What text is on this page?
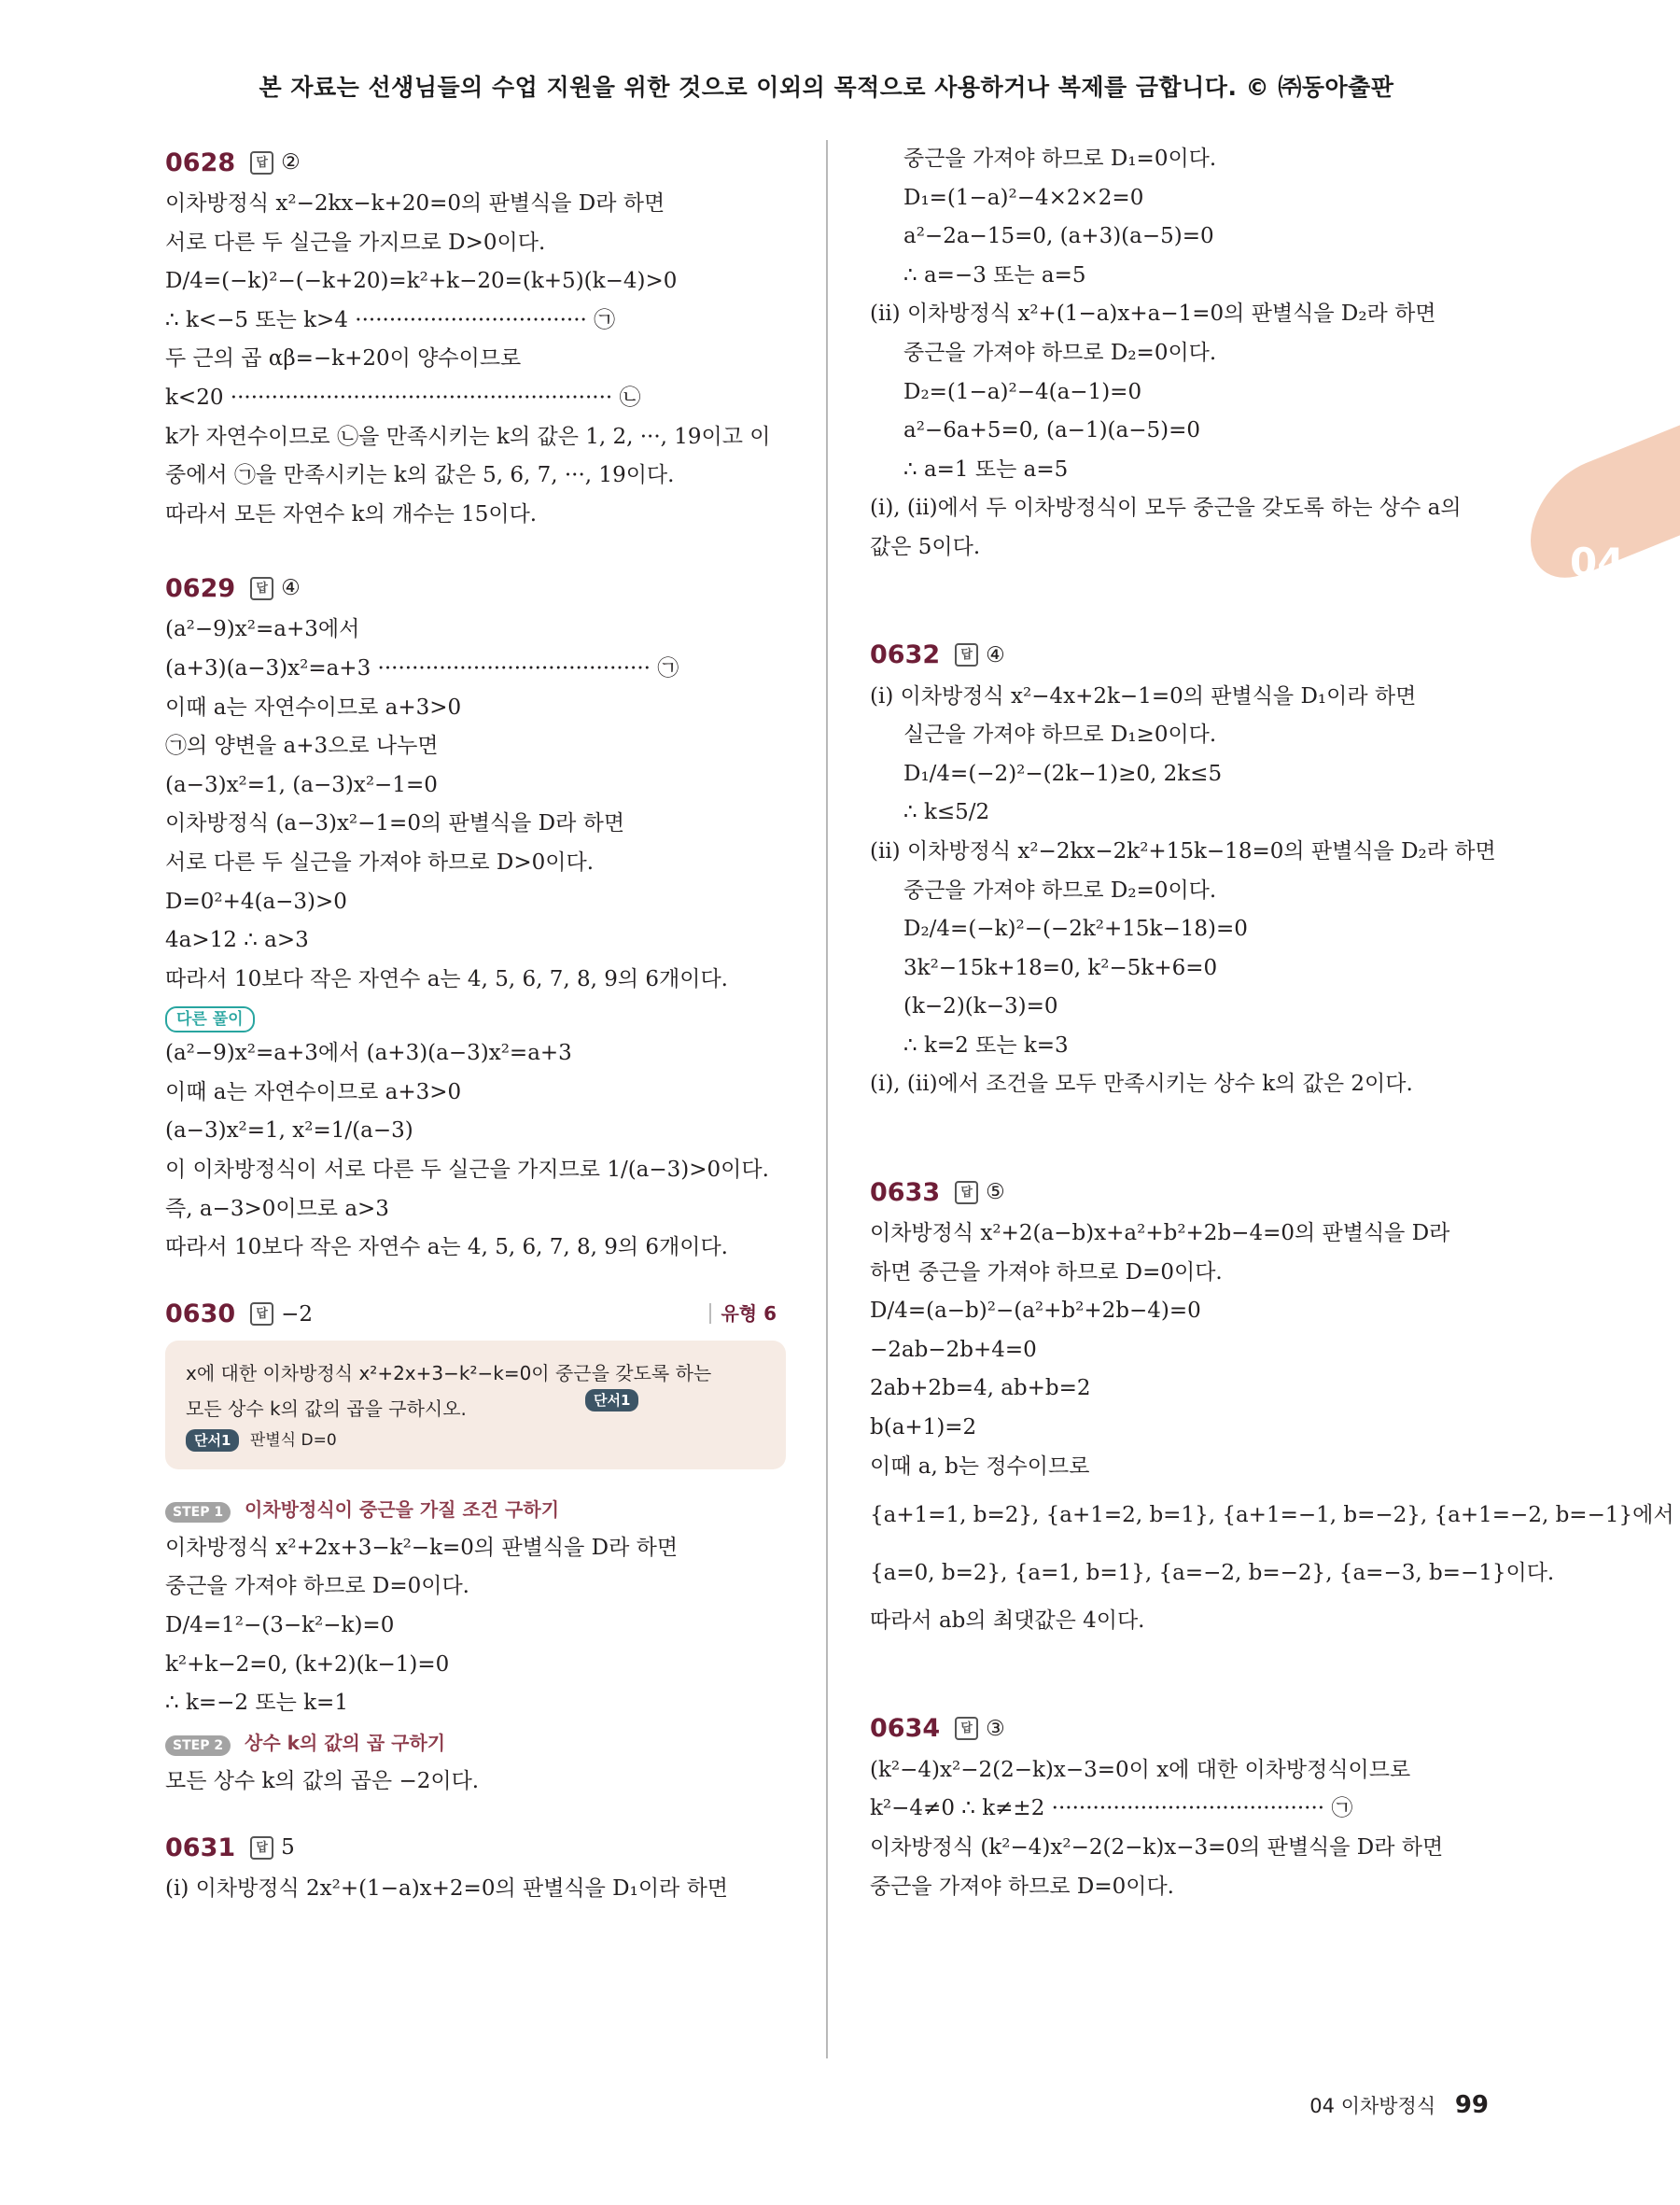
본 자료는 선생님들의 수업 지원을 위한 것으로 이외의 목적으로 사용하거나 복제를 금합니다. © ㈜동아출판
04
0628	답 ②
이차방정식 x²−2kx−k+20=0의 판별식을 D라 하면
서로 다른 두 실근을 가지므로 D>0이다.
D/4=(−k)²−(−k+20)=k²+k−20=(k+5)(k−4)>0
∴ k<−5 또는 k>4 ·································· ㉠
두 근의 곱 αβ=−k+20이 양수이므로
k<20 ························································ ㉡
k가 자연수이므로 ㉡을 만족시키는 k의 값은 1, 2, ···, 19이고 이
중에서 ㉠을 만족시키는 k의 값은 5, 6, 7, ···, 19이다.
따라서 모든 자연수 k의 개수는 15이다.
0629	답 ④
(a²−9)x²=a+3에서
(a+3)(a−3)x²=a+3 ········································ ㉠
이때 a는 자연수이므로 a+3>0
㉠의 양변을 a+3으로 나누면
(a−3)x²=1, (a−3)x²−1=0
이차방정식 (a−3)x²−1=0의 판별식을 D라 하면
서로 다른 두 실근을 가져야 하므로 D>0이다.
D=0²+4(a−3)>0
4a>12 ∴ a>3
따라서 10보다 작은 자연수 a는 4, 5, 6, 7, 8, 9의 6개이다.
다른 풀이
(a²−9)x²=a+3에서 (a+3)(a−3)x²=a+3
이때 a는 자연수이므로 a+3>0
(a−3)x²=1, x²=1/(a−3)
이 이차방정식이 서로 다른 두 실근을 가지므로 1/(a−3)>0이다.
즉, a−3>0이므로 a>3
따라서 10보다 작은 자연수 a는 4, 5, 6, 7, 8, 9의 6개이다.
0630	답 −2	유형 6
x에 대한 이차방정식 x²+2x+3−k²−k=0이 중근을 갖도록 하는
모든 상수 k의 값의 곱을 구하시오.	단서1
단서1 판별식 D=0
STEP 1 이차방정식이 중근을 가질 조건 구하기
이차방정식 x²+2x+3−k²−k=0의 판별식을 D라 하면
중근을 가져야 하므로 D=0이다.
D/4=1²−(3−k²−k)=0
k²+k−2=0, (k+2)(k−1)=0
∴ k=−2 또는 k=1
STEP 2 상수 k의 값의 곱 구하기
모든 상수 k의 값의 곱은 −2이다.
0631	답 5
(i) 이차방정식 2x²+(1−a)x+2=0의 판별식을 D₁이라 하면
중근을 가져야 하므로 D₁=0이다.
D₁=(1−a)²−4×2×2=0
a²−2a−15=0, (a+3)(a−5)=0
∴ a=−3 또는 a=5
(ii) 이차방정식 x²+(1−a)x+a−1=0의 판별식을 D₂라 하면
중근을 가져야 하므로 D₂=0이다.
D₂=(1−a)²−4(a−1)=0
a²−6a+5=0, (a−1)(a−5)=0
∴ a=1 또는 a=5
(i), (ii)에서 두 이차방정식이 모두 중근을 갖도록 하는 상수 a의
값은 5이다.
0632	답 ④
(i) 이차방정식 x²−4x+2k−1=0의 판별식을 D₁이라 하면
실근을 가져야 하므로 D₁≥0이다.
D₁/4=(−2)²−(2k−1)≥0, 2k≤5
∴ k≤5/2
(ii) 이차방정식 x²−2kx−2k²+15k−18=0의 판별식을 D₂라 하면
중근을 가져야 하므로 D₂=0이다.
D₂/4=(−k)²−(−2k²+15k−18)=0
3k²−15k+18=0, k²−5k+6=0
(k−2)(k−3)=0
∴ k=2 또는 k=3
(i), (ii)에서 조건을 모두 만족시키는 상수 k의 값은 2이다.
0633	답 ⑤
이차방정식 x²+2(a−b)x+a²+b²+2b−4=0의 판별식을 D라
하면 중근을 가져야 하므로 D=0이다.
D/4=(a−b)²−(a²+b²+2b−4)=0
−2ab−2b+4=0
2ab+2b=4, ab+b=2
b(a+1)=2
이때 a, b는 정수이므로
{a+1=1, b=2}, {a+1=2, b=1}, {a+1=−1, b=−2}, {a+1=−2, b=−1}에서
{a=0, b=2}, {a=1, b=1}, {a=−2, b=−2}, {a=−3, b=−1}이다.
따라서 ab의 최댓값은 4이다.
0634	답 ③
(k²−4)x²−2(2−k)x−3=0이 x에 대한 이차방정식이므로
k²−4≠0 ∴ k≠±2 ········································ ㉠
이차방정식 (k²−4)x²−2(2−k)x−3=0의 판별식을 D라 하면
중근을 가져야 하므로 D=0이다.
04 이차방정식 99
